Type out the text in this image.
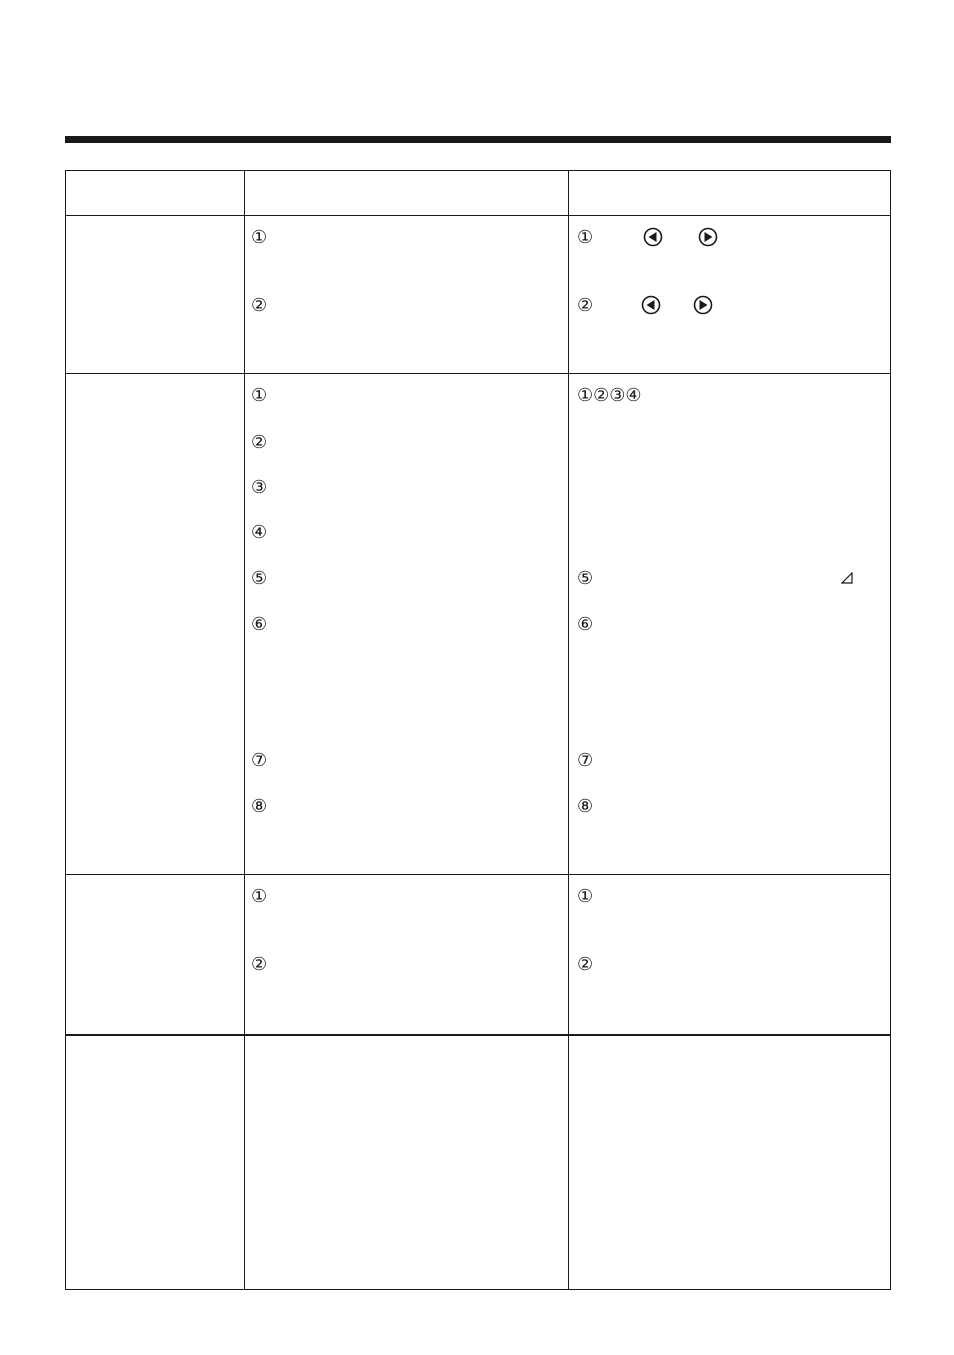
①
②
①
②
①
②
③
④
⑤
⑥
⑦
⑧
①②③④
⑤
⑥
⑦
⑧
①
②
①
②
